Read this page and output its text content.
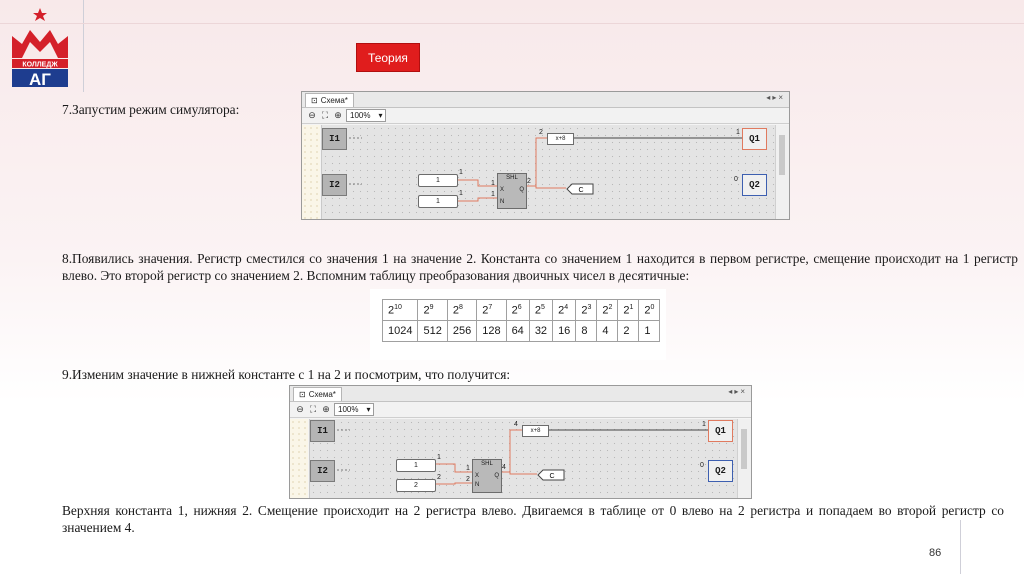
КОЛЛЕДЖ
АГ
Теория
7.Запустим режим симулятора:
⊡ Схема*	◂▸×
⊖ ⛶ ⊕ 100% ▾
I1
I2	1
1
1
1
SHL
X
N
Q
1
1
2
2
x+8
C
1
Q1
0
Q2
8.Появились значения. Регистр сместился со значения 1 на значение 2. Константа со значением 1 находится в первом регистре, смещение происходит на 1 регистр влево. Это второй регистр со значением 2. Вспомним таблицу преобразования двоичных чисел в десятичные:
$2^{10}$	$2^9$	$2^8$	$2^7$	$2^6$	$2^5$	$2^4$	$2^3$	$2^2$	$2^1$	$2^0$
1024	512	256	128	64	32	16	8	4	2	1
9.Изменим значение в нижней константе с 1 на 2 и посмотрим, что получится:
⊡ Схема*	◂▸×
⊖ ⛶ ⊕ 100% ▾
I1
I2
1
1
2
2
SHL
X
N
Q
1
2
4
4
x+8
C
1
Q1
0
Q2
Верхняя константа 1, нижняя 2. Смещение происходит на 2 регистра влево. Двигаемся в таблице от 0 влево на 2 регистра и попадаем во второй регистр со значением 4.
86
